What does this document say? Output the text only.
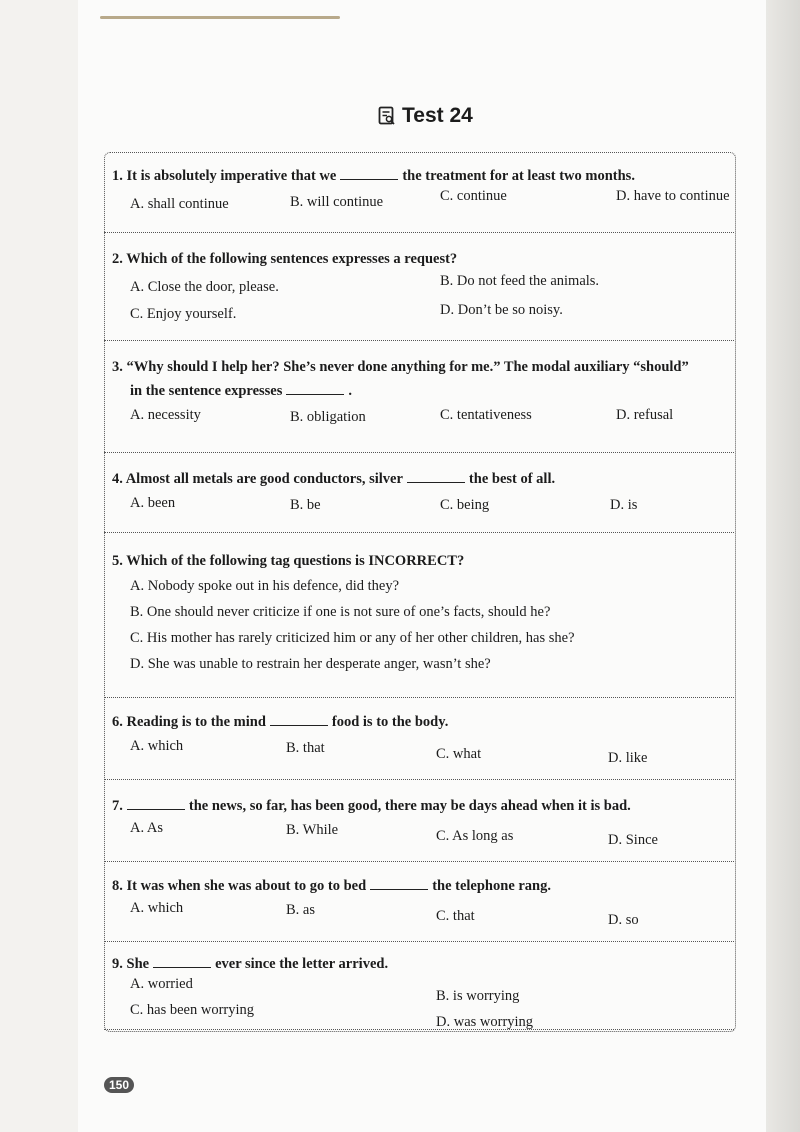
Test 24
1. It is absolutely imperative that we	the treatment for at least two months.
A. shall continue	B. will continue	C. continue	D. have to continue
2. Which of the following sentences expresses a request?
A. Close the door, please.	B. Do not feed the animals.
C. Enjoy yourself.	D. Don’t be so noisy.
3. “Why should I help her? She’s never done anything for me.” The modal auxiliary “should”
in the sentence expresses	.
A. necessity	B. obligation	C. tentativeness	D. refusal
4. Almost all metals are good conductors, silver	the best of all.
A. been	B. be	C. being	D. is
5. Which of the following tag questions is INCORRECT?
A. Nobody spoke out in his defence, did they?
B. One should never criticize if one is not sure of one’s facts, should he?
C. His mother has rarely criticized him or any of her other children, has she?
D. She was unable to restrain her desperate anger, wasn’t she?
6. Reading is to the mind	food is to the body.
A. which	B. that	C. what	D. like
7.	the news, so far, has been good, there may be days ahead when it is bad.
A. As	B. While	C. As long as	D. Since
8. It was when she was about to go to bed	the telephone rang.
A. which	B. as	C. that	D. so
9. She	ever since the letter arrived.
A. worried
B. is worrying
C. has been worrying
D. was worrying
150
